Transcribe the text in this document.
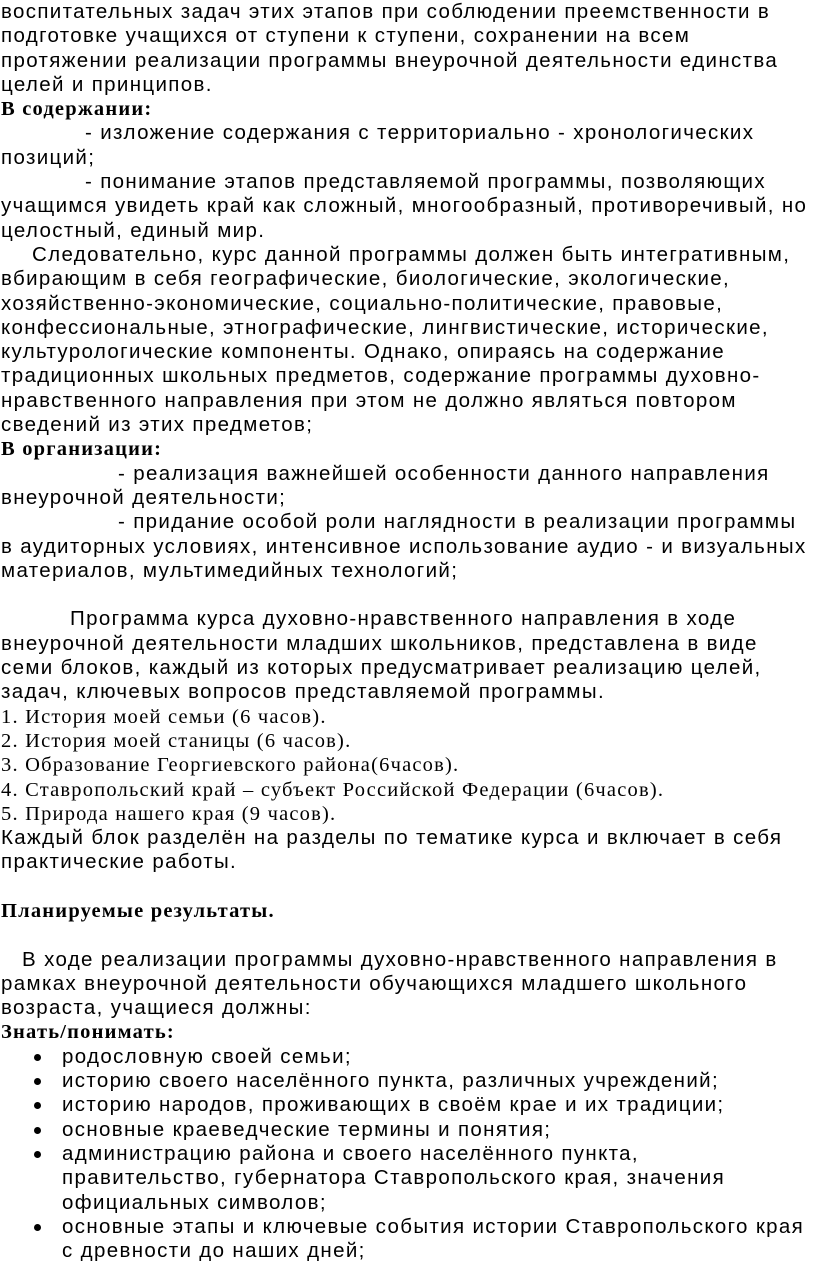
воспитательных задач этих этапов при соблюдении преемственности в подготовке учащихся от ступени к ступени, сохранении на всем протяжении реализации программы внеурочной деятельности единства целей и принципов.

В содержании:

- изложение содержания с территориально - хронологических позиций;

- понимание этапов представляемой программы, позволяющих учащимся увидеть край как сложный, многообразный, противоречивый, но целостный, единый мир.

Следовательно, курс данной программы должен быть интегративным, вбирающим в себя географические, биологические, экологические, хозяйственно-экономические, социально-политические, правовые, конфессиональные, этнографические, лингвистические, исторические, культурологические компоненты. Однако, опираясь на содержание традиционных школьных предметов, содержание программы духовно-нравственного направления при этом не должно являться повтором сведений из этих предметов;

В организации:

- реализация важнейшей особенности данного направления внеурочной деятельности;

- придание особой роли наглядности в реализации программы в аудиторных условиях, интенсивное использование аудио - и визуальных материалов, мультимедийных технологий;

Программа курса духовно-нравственного направления в ходе внеурочной деятельности младших школьников, представлена в виде семи блоков, каждый из которых предусматривает реализацию целей, задач, ключевых вопросов представляемой программы.

1. История моей семьи (6 часов).

2. История моей станицы (6 часов).

3. Образование Георгиевского района(6часов).

4. Ставропольский край – субъект Российской Федерации (6часов).

5. Природа нашего края (9 часов).

Каждый блок разделён на разделы по тематике курса и включает в себя практические работы.

Планируемые результаты.

В ходе реализации программы духовно-нравственного направления в рамках внеурочной деятельности обучающихся младшего школьного возраста, учащиеся должны:

Знать/понимать:

родословную своей семьи;
историю своего населённого пункта, различных учреждений;
историю народов, проживающих в своём крае и их традиции;
основные краеведческие термины и понятия;
администрацию района и своего населённого пункта, правительство, губернатора Ставропольского края, значения официальных символов;
основные этапы и ключевые события истории Ставропольского края с древности до наших дней;
